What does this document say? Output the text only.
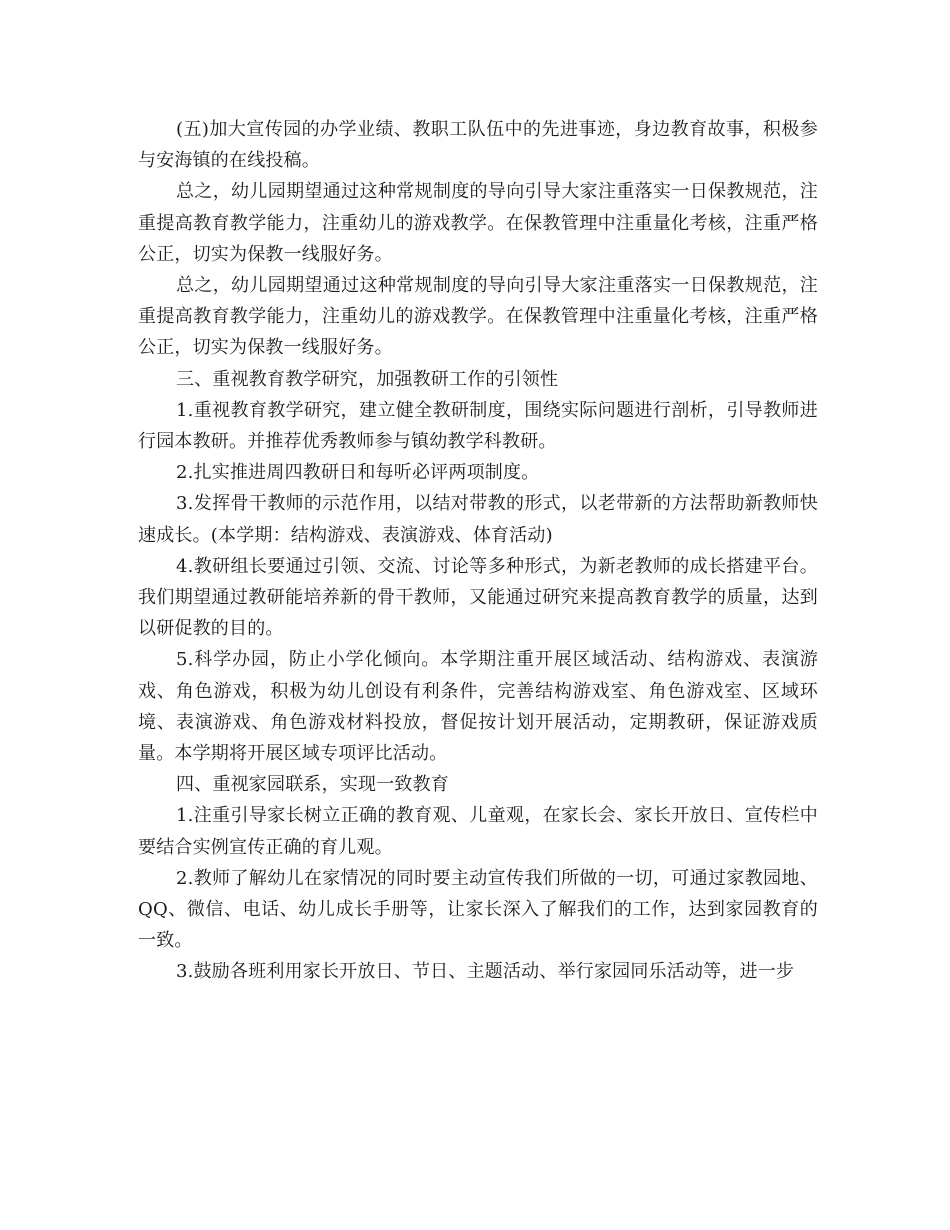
(五)加大宣传园的办学业绩、教职工队伍中的先进事迹，身边教育故事，积极参与安海镇的在线投稿。

总之，幼儿园期望通过这种常规制度的导向引导大家注重落实一日保教规范，注重提高教育教学能力，注重幼儿的游戏教学。在保教管理中注重量化考核，注重严格公正，切实为保教一线服好务。

总之，幼儿园期望通过这种常规制度的导向引导大家注重落实一日保教规范，注重提高教育教学能力，注重幼儿的游戏教学。在保教管理中注重量化考核，注重严格公正，切实为保教一线服好务。

三、重视教育教学研究，加强教研工作的引领性

1.重视教育教学研究，建立健全教研制度，围绕实际问题进行剖析，引导教师进行园本教研。并推荐优秀教师参与镇幼教学科教研。

2.扎实推进周四教研日和每听必评两项制度。

3.发挥骨干教师的示范作用，以结对带教的形式，以老带新的方法帮助新教师快速成长。(本学期：结构游戏、表演游戏、体育活动)

4.教研组长要通过引领、交流、讨论等多种形式，为新老教师的成长搭建平台。我们期望通过教研能培养新的骨干教师，又能通过研究来提高教育教学的质量，达到以研促教的目的。

5.科学办园，防止小学化倾向。本学期注重开展区域活动、结构游戏、表演游戏、角色游戏，积极为幼儿创设有利条件，完善结构游戏室、角色游戏室、区域环境、表演游戏、角色游戏材料投放，督促按计划开展活动，定期教研，保证游戏质量。本学期将开展区域专项评比活动。

四、重视家园联系，实现一致教育

1.注重引导家长树立正确的教育观、儿童观，在家长会、家长开放日、宣传栏中要结合实例宣传正确的育儿观。

2.教师了解幼儿在家情况的同时要主动宣传我们所做的一切，可通过家教园地、QQ、微信、电话、幼儿成长手册等，让家长深入了解我们的工作，达到家园教育的一致。

3.鼓励各班利用家长开放日、节日、主题活动、举行家园同乐活动等，进一步
